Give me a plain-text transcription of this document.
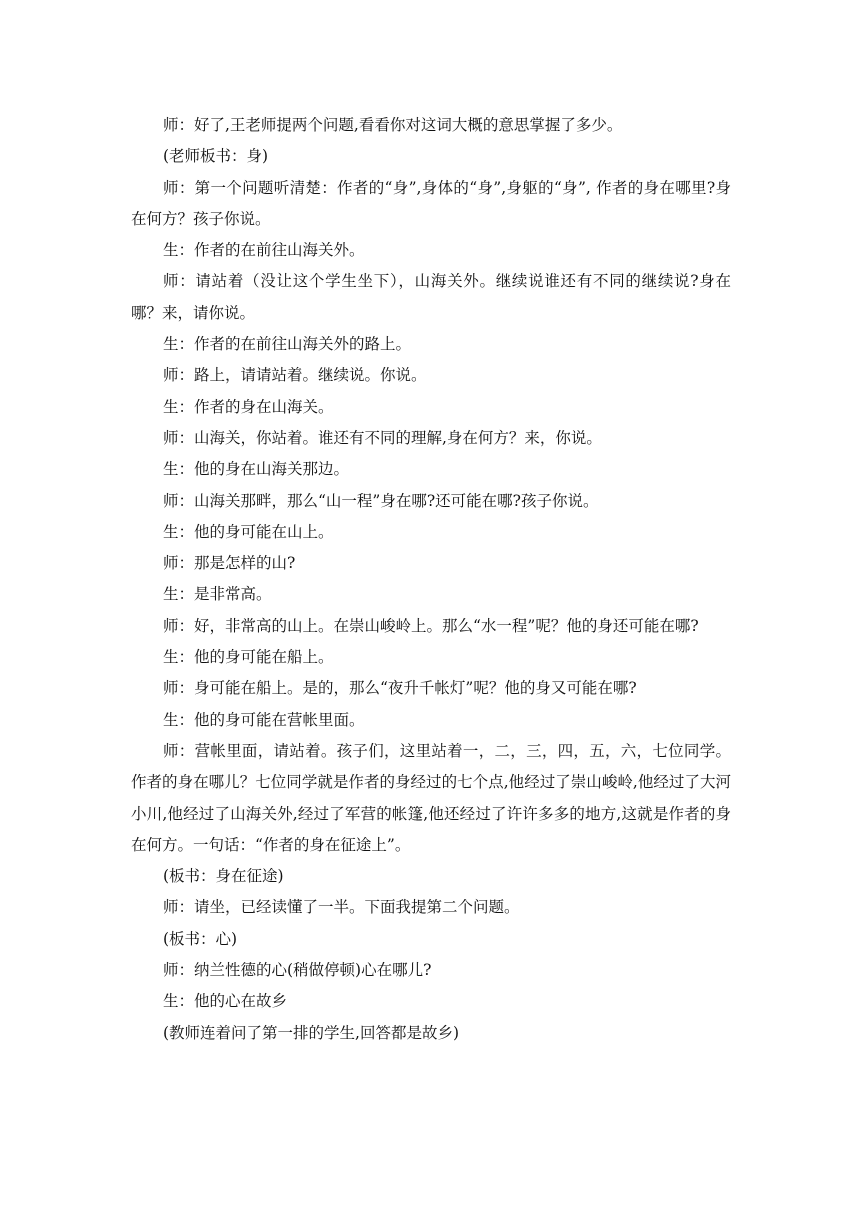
师：好了,王老师提两个问题,看看你对这词大概的意思掌握了多少。

(老师板书：身)

师：第一个问题听清楚：作者的“身”,身体的“身”,身躯的“身”, 作者的身在哪里?身在何方？孩子你说。

生：作者的在前往山海关外。

师：请站着（没让这个学生坐下），山海关外。继续说谁还有不同的继续说?身在哪？来，请你说。

生：作者的在前往山海关外的路上。

师：路上，请请站着。继续说。你说。

生：作者的身在山海关。

师：山海关，你站着。谁还有不同的理解,身在何方？来，你说。

生：他的身在山海关那边。

师：山海关那畔，那么“山一程”身在哪?还可能在哪?孩子你说。

生：他的身可能在山上。

师：那是怎样的山?

生：是非常高。

师：好，非常高的山上。在崇山峻岭上。那么“水一程”呢？他的身还可能在哪?

生：他的身可能在船上。

师：身可能在船上。是的，那么“夜升千帐灯”呢？他的身又可能在哪?

生：他的身可能在营帐里面。

师：营帐里面，请站着。孩子们，这里站着一，二，三，四，五，六，七位同学。作者的身在哪儿？七位同学就是作者的身经过的七个点,他经过了崇山峻岭,他经过了大河小川,他经过了山海关外,经过了军营的帐篷,他还经过了许许多多的地方,这就是作者的身在何方。一句话：“作者的身在征途上”。

(板书：身在征途)

师：请坐，已经读懂了一半。下面我提第二个问题。

(板书：心)

师：纳兰性德的心(稍做停顿)心在哪儿?

生：他的心在故乡

(教师连着问了第一排的学生,回答都是故乡)
